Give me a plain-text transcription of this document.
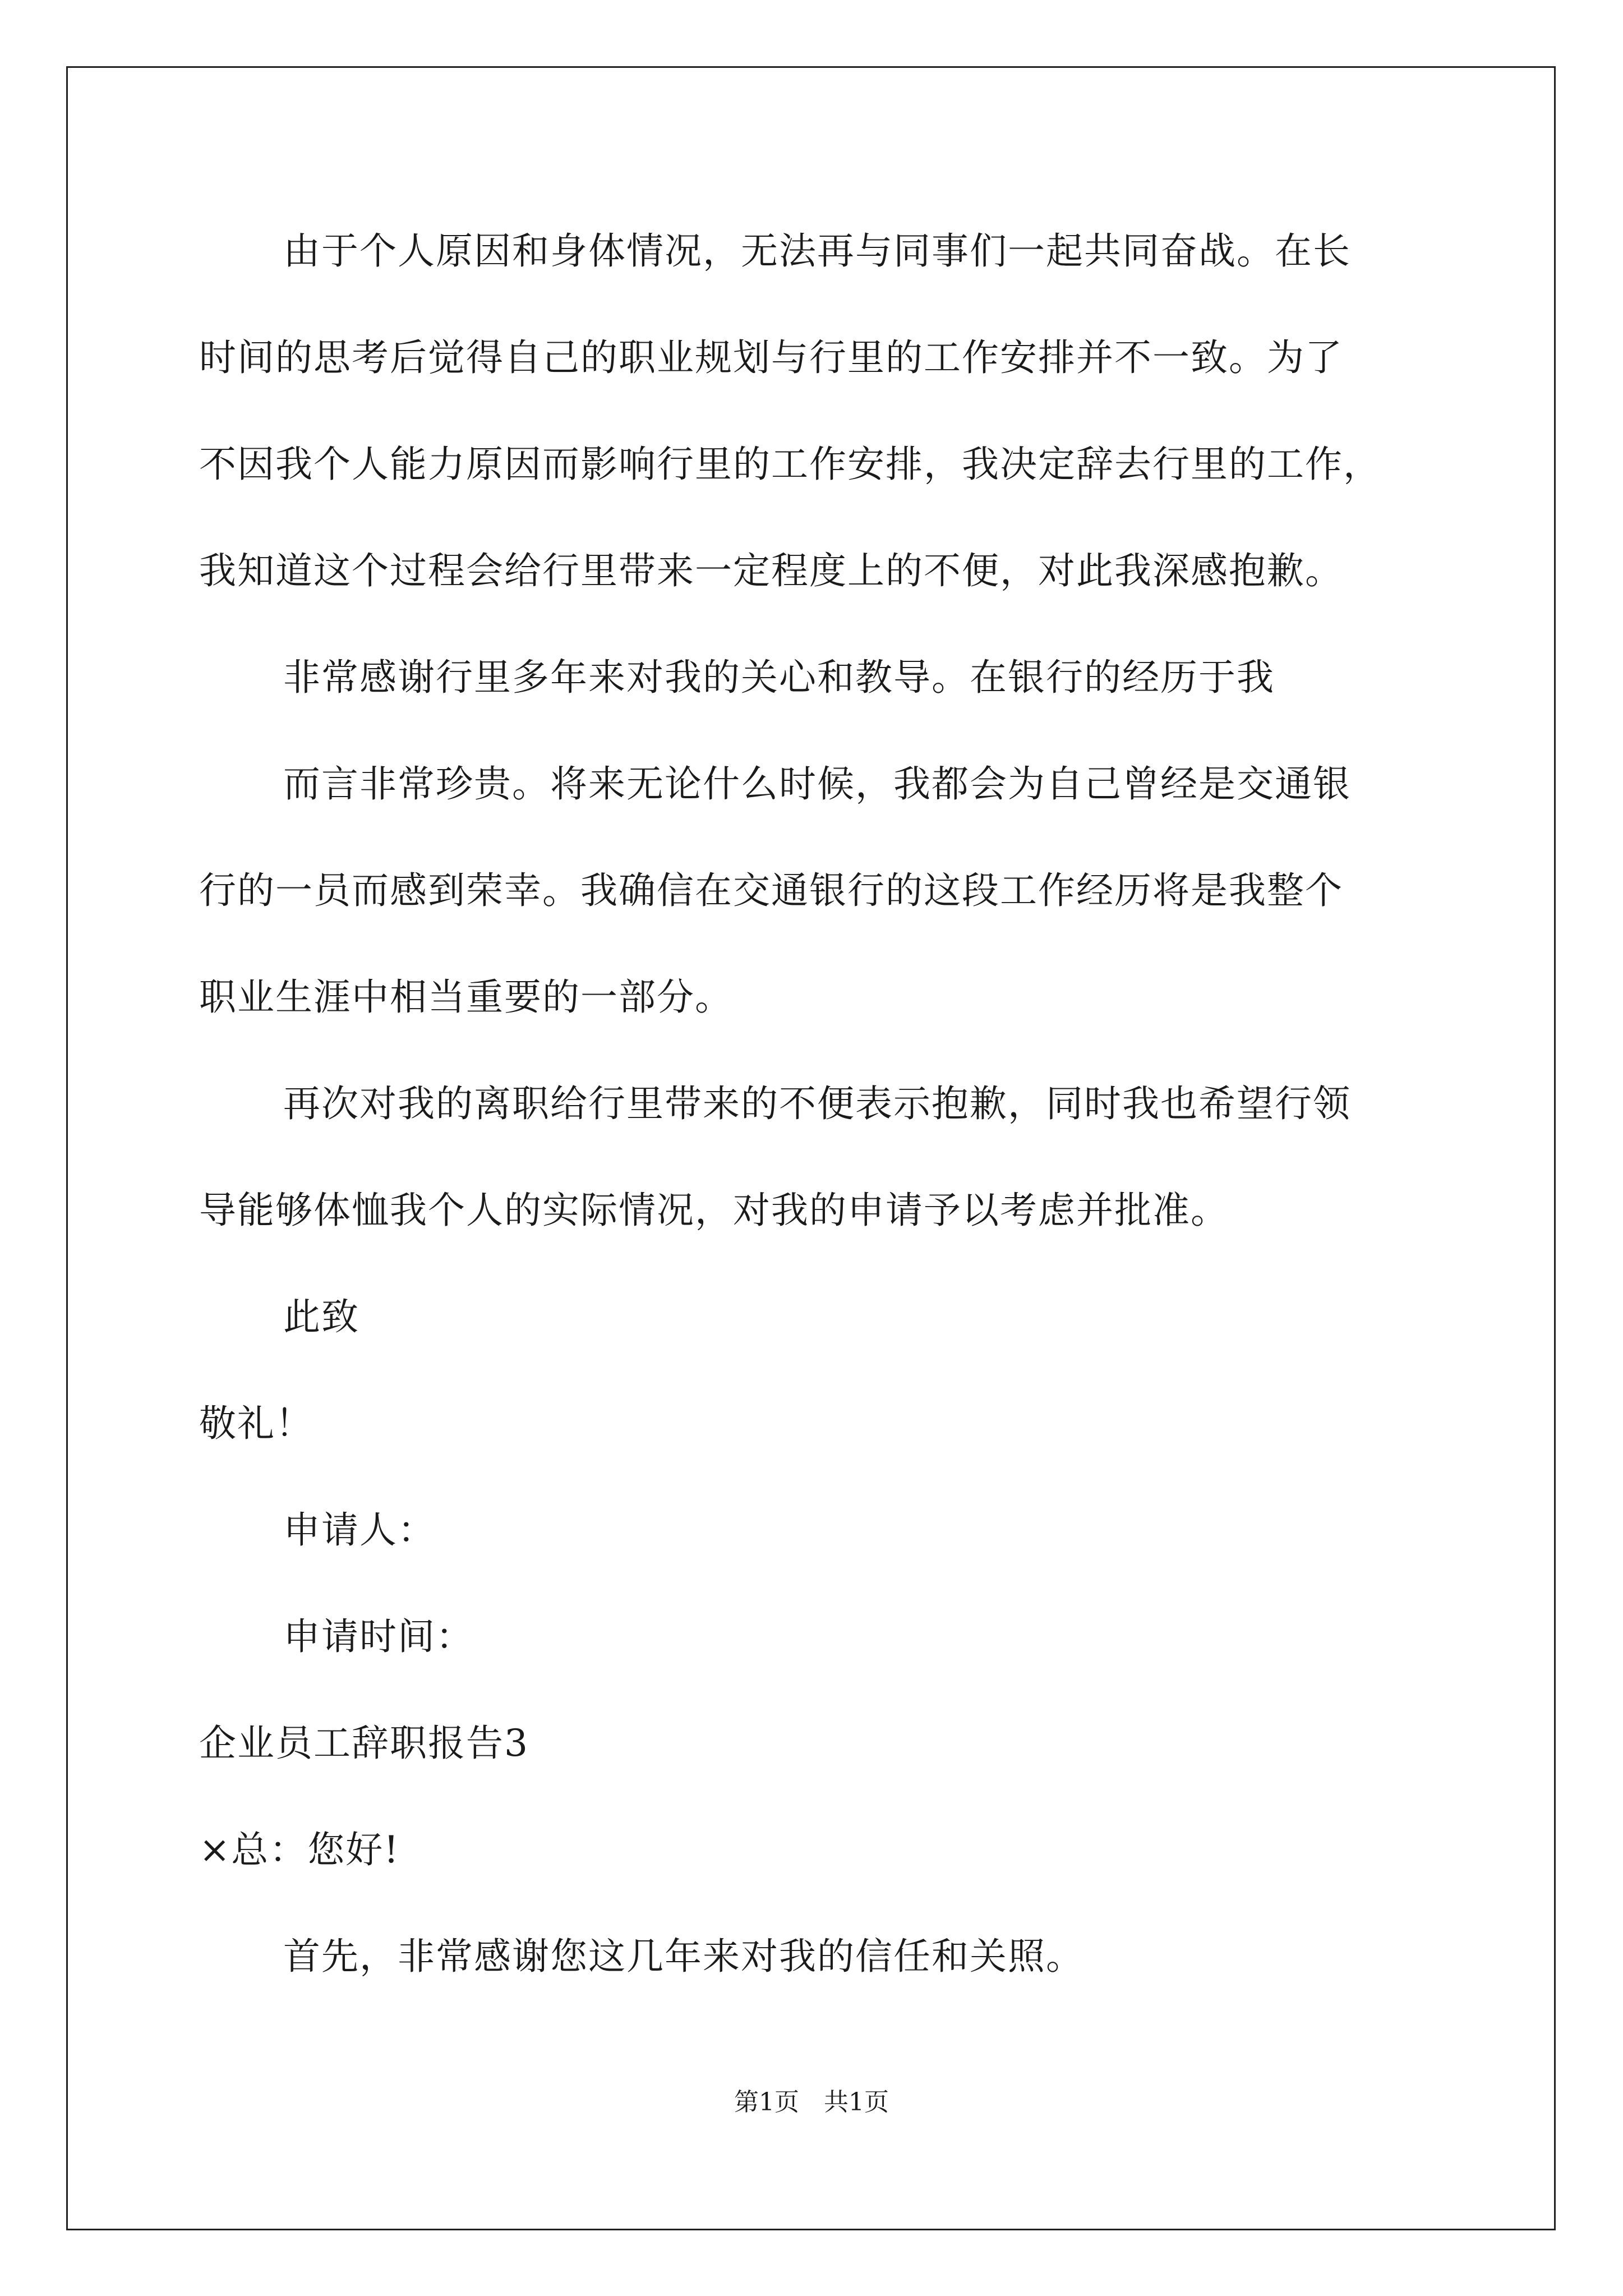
由于个人原因和身体情况，无法再与同事们一起共同奋战。在长

时间的思考后觉得自己的职业规划与行里的工作安排并不一致。为了

不因我个人能力原因而影响行里的工作安排，我决定辞去行里的工作，

我知道这个过程会给行里带来一定程度上的不便，对此我深感抱歉。

非常感谢行里多年来对我的关心和教导。在银行的经历于我

而言非常珍贵。将来无论什么时候，我都会为自己曾经是交通银

行的一员而感到荣幸。我确信在交通银行的这段工作经历将是我整个

职业生涯中相当重要的一部分。

再次对我的离职给行里带来的不便表示抱歉，同时我也希望行领

导能够体恤我个人的实际情况，对我的申请予以考虑并批准。

此致

敬礼！

申请人：

申请时间：

企业员工辞职报告3

×总：您好!

首先，非常感谢您这几年来对我的信任和关照。

第1页　共1页
